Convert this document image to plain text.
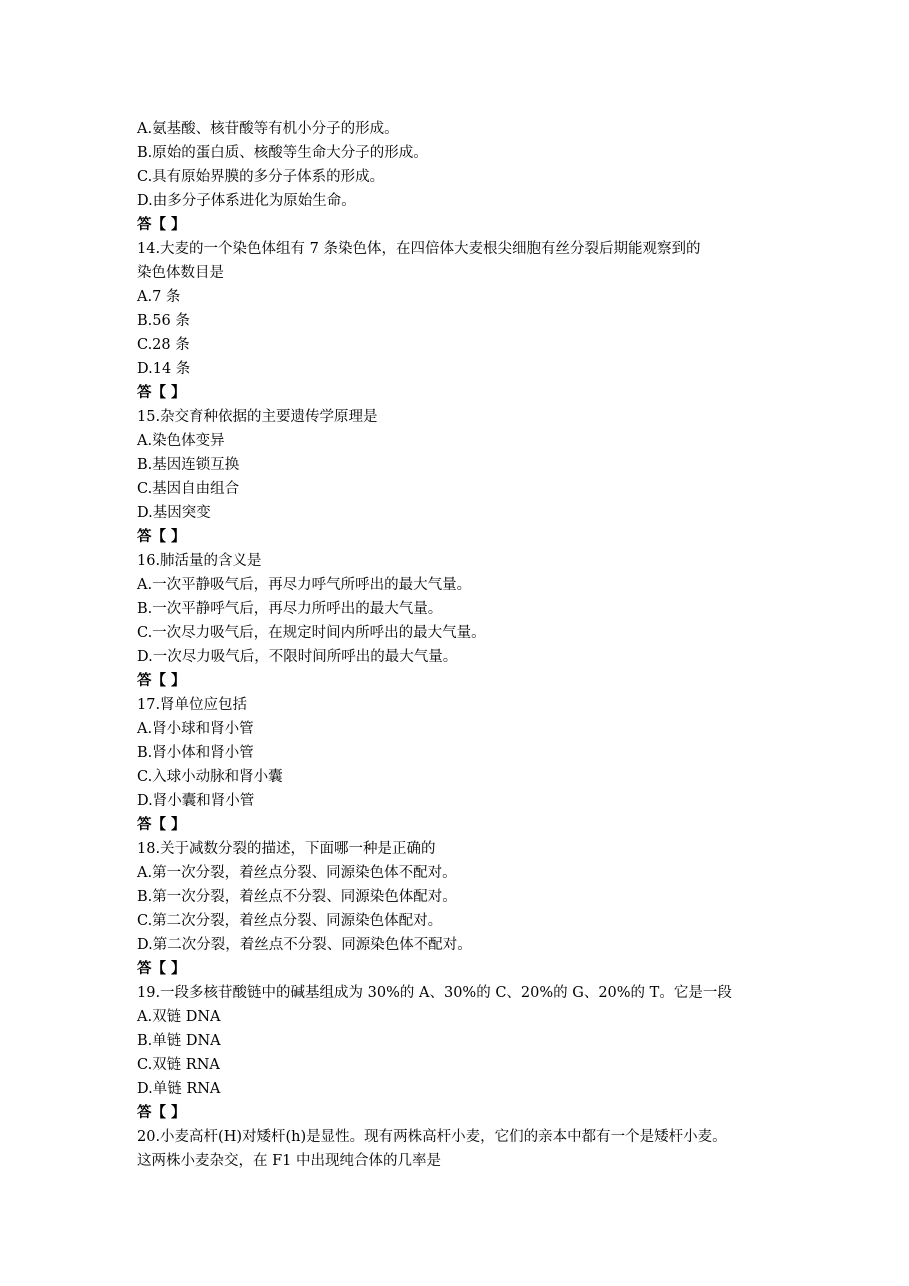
A.氨基酸、核苷酸等有机小分子的形成。
B.原始的蛋白质、核酸等生命大分子的形成。
C.具有原始界膜的多分子体系的形成。
D.由多分子体系进化为原始生命。
答【 】
14.大麦的一个染色体组有 7 条染色体，在四倍体大麦根尖细胞有丝分裂后期能观察到的
染色体数目是
A.7 条
B.56 条
C.28 条
D.14 条
答【 】
15.杂交育种依据的主要遗传学原理是
A.染色体变异
B.基因连锁互换
C.基因自由组合
D.基因突变
答【 】
16.肺活量的含义是
A.一次平静吸气后，再尽力呼气所呼出的最大气量。
B.一次平静呼气后，再尽力所呼出的最大气量。
C.一次尽力吸气后，在规定时间内所呼出的最大气量。
D.一次尽力吸气后，不限时间所呼出的最大气量。
答【 】
17.肾单位应包括
A.肾小球和肾小管
B.肾小体和肾小管
C.入球小动脉和肾小囊
D.肾小囊和肾小管
答【 】
18.关于减数分裂的描述，下面哪一种是正确的
A.第一次分裂，着丝点分裂、同源染色体不配对。
B.第一次分裂，着丝点不分裂、同源染色体配对。
C.第二次分裂，着丝点分裂、同源染色体配对。
D.第二次分裂，着丝点不分裂、同源染色体不配对。
答【 】
19.一段多核苷酸链中的碱基组成为 30%的 A、30%的 C、20%的 G、20%的 T。它是一段
A.双链 DNA
B.单链 DNA
C.双链 RNA
D.单链 RNA
答【 】
20.小麦高杆(H)对矮杆(h)是显性。现有两株高杆小麦，它们的亲本中都有一个是矮杆小麦。
这两株小麦杂交，在 F1 中出现纯合体的几率是
